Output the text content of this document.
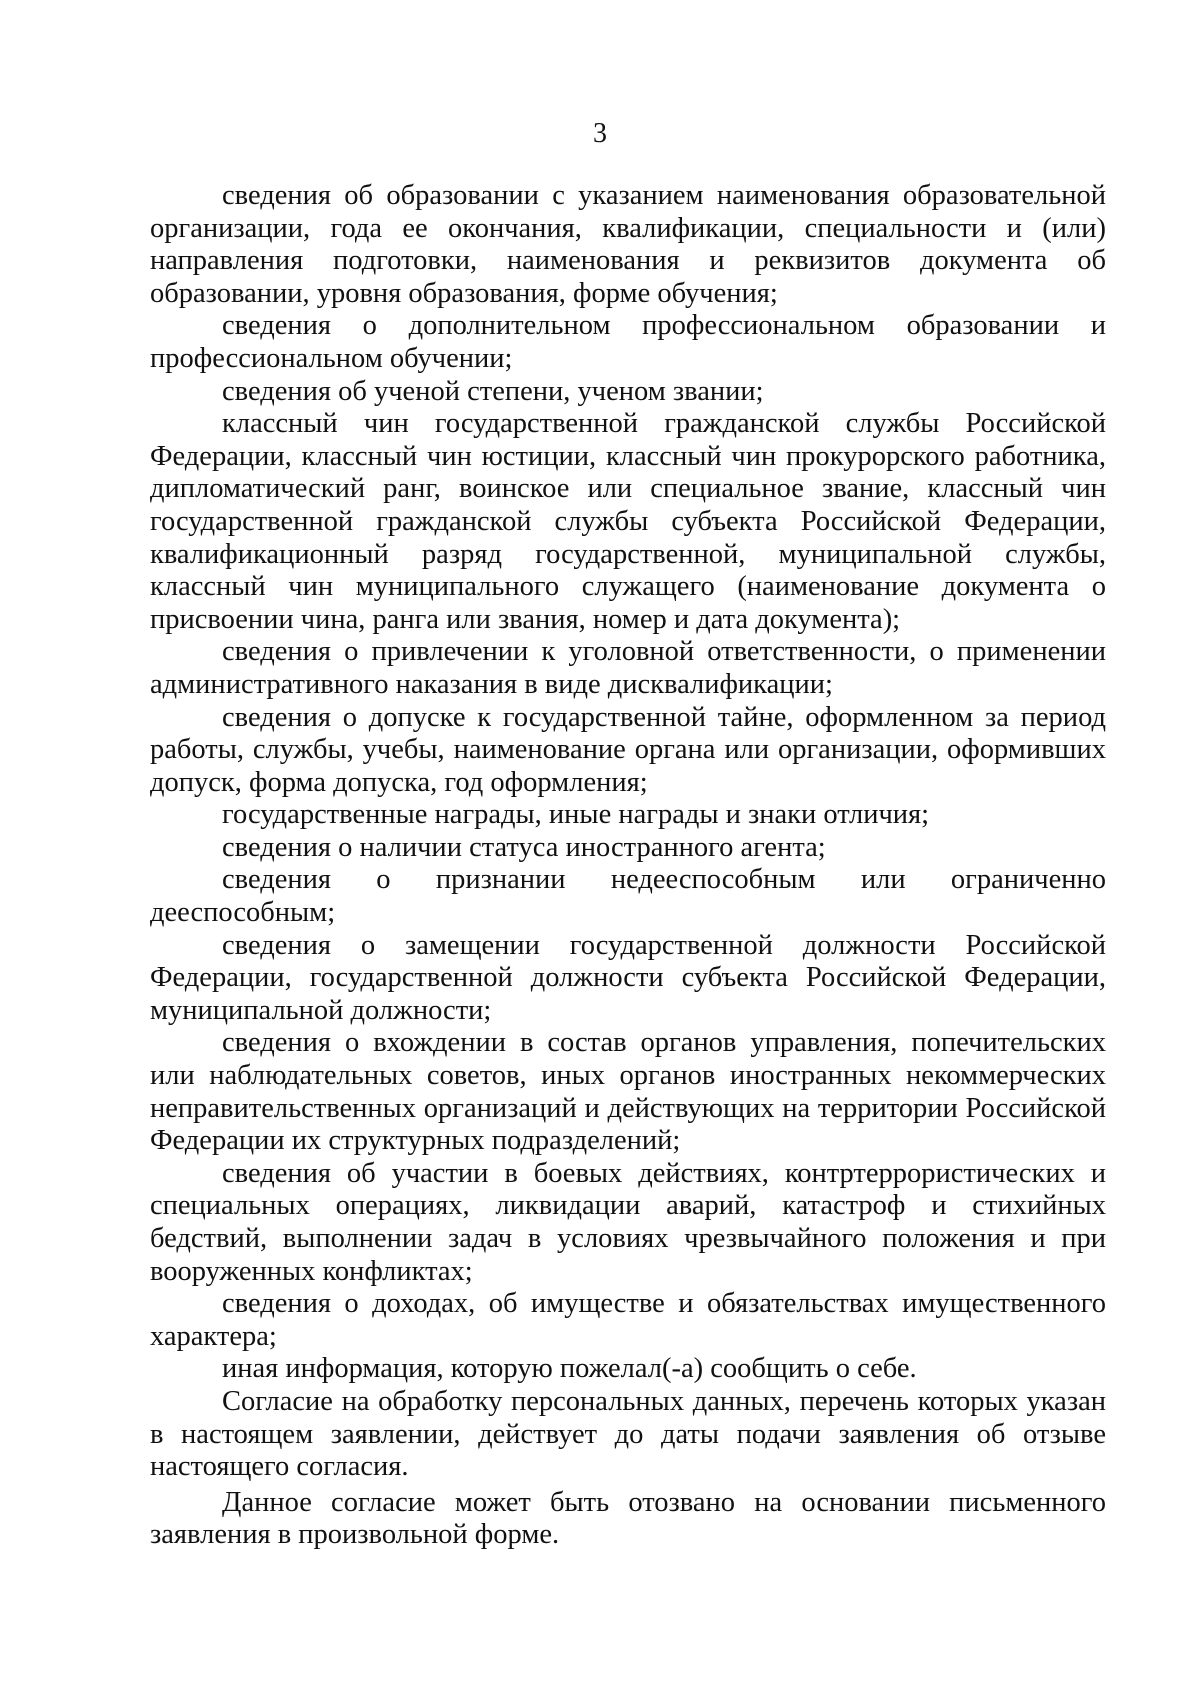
3

сведения об образовании с указанием наименования образовательной организации, года ее окончания, квалификации, специальности и (или) направления подготовки, наименования и реквизитов документа об образовании, уровня образования, форме обучения;

сведения о дополнительном профессиональном образовании и профессиональном обучении;

сведения об ученой степени, ученом звании;

классный чин государственной гражданской службы Российской Федерации, классный чин юстиции, классный чин прокурорского работника, дипломатический ранг, воинское или специальное звание, классный чин государственной гражданской службы субъекта Российской Федерации, квалификационный разряд государственной, муниципальной службы, классный чин муниципального служащего (наименование документа о присвоении чина, ранга или звания, номер и дата документа);

сведения о привлечении к уголовной ответственности, о применении административного наказания в виде дисквалификации;

сведения о допуске к государственной тайне, оформленном за период работы, службы, учебы, наименование органа или организации, оформивших допуск, форма допуска, год оформления;

государственные награды, иные награды и знаки отличия;

сведения о наличии статуса иностранного агента;

сведения о признании недееспособным или ограниченно дееспособным;

сведения о замещении государственной должности Российской Федерации, государственной должности субъекта Российской Федерации, муниципальной должности;

сведения о вхождении в состав органов управления, попечительских или наблюдательных советов, иных органов иностранных некоммерческих неправительственных организаций и действующих на территории Российской Федерации их структурных подразделений;

сведения об участии в боевых действиях, контртеррористических и специальных операциях, ликвидации аварий, катастроф и стихийных бедствий, выполнении задач в условиях чрезвычайного положения и при вооруженных конфликтах;

сведения о доходах, об имуществе и обязательствах имущественного характера;

иная информация, которую пожелал(-а) сообщить о себе.

Согласие на обработку персональных данных, перечень которых указан в настоящем заявлении, действует до даты подачи заявления об отзыве настоящего согласия.

Данное согласие может быть отозвано на основании письменного заявления в произвольной форме.
